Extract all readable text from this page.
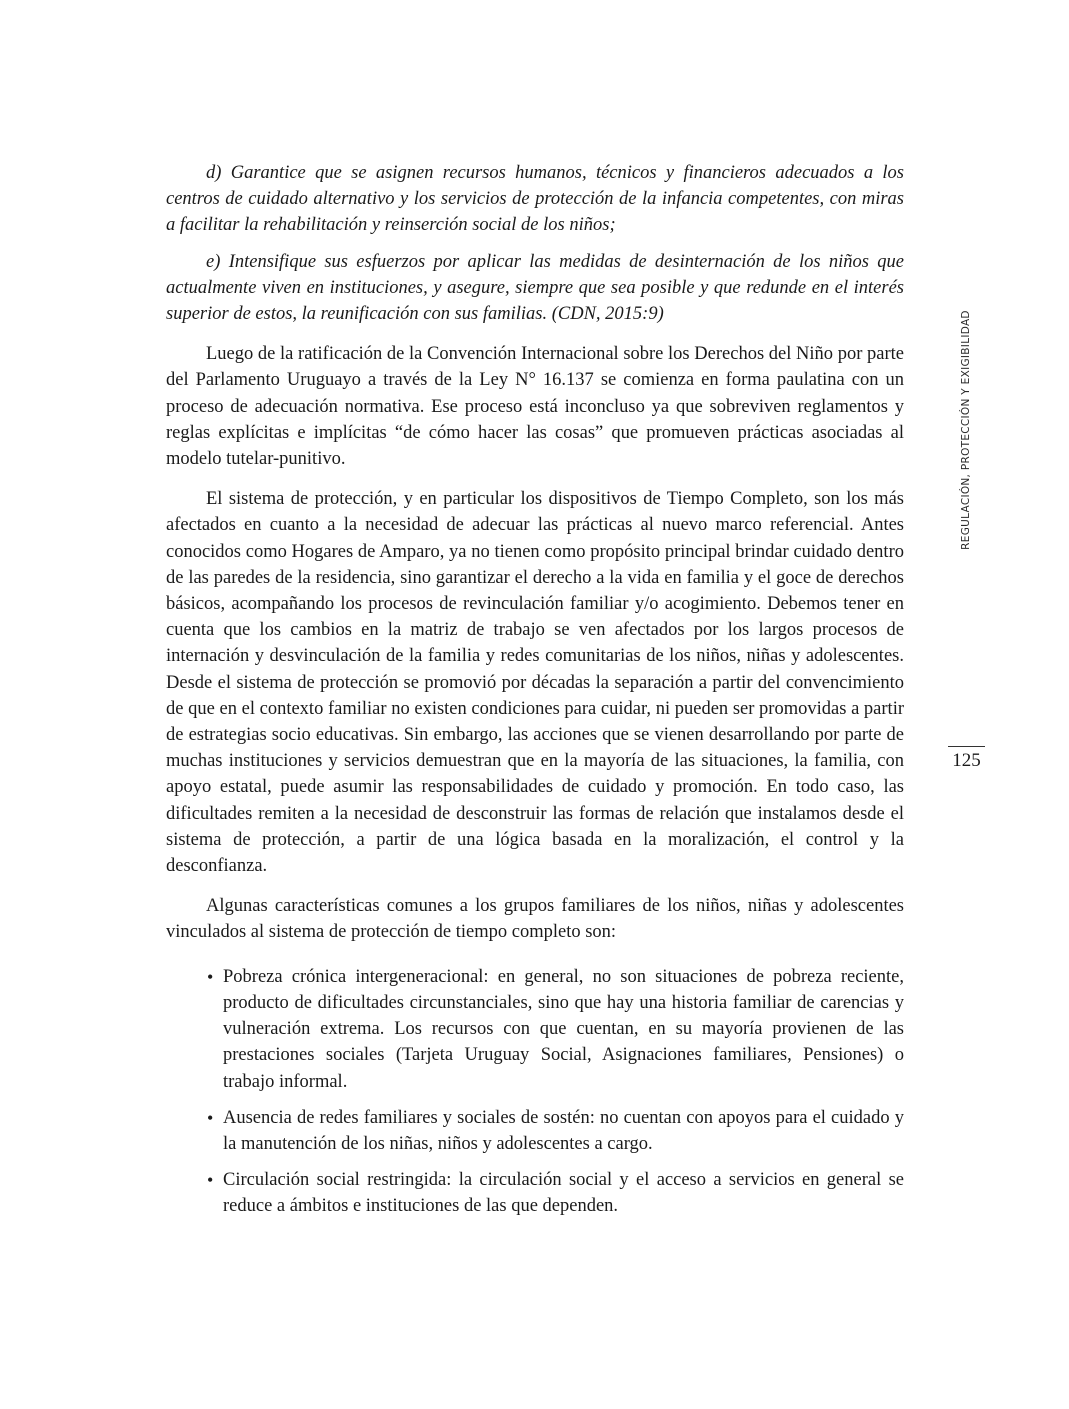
d) Garantice que se asignen recursos humanos, técnicos y financieros adecuados a los centros de cuidado alternativo y los servicios de protección de la infancia competentes, con miras a facilitar la rehabilitación y reinserción social de los niños;

e) Intensifique sus esfuerzos por aplicar las medidas de desinternación de los niños que actualmente viven en instituciones, y asegure, siempre que sea posible y que redunde en el interés superior de estos, la reunificación con sus familias. (CDN, 2015:9)

Luego de la ratificación de la Convención Internacional sobre los Derechos del Niño por parte del Parlamento Uruguayo a través de la Ley N° 16.137 se comienza en forma paulatina con un proceso de adecuación normativa. Ese proceso está inconcluso ya que sobreviven reglamentos y reglas explícitas e implícitas “de cómo hacer las cosas” que promueven prácticas asociadas al modelo tutelar-punitivo.

El sistema de protección, y en particular los dispositivos de Tiempo Completo, son los más afectados en cuanto a la necesidad de adecuar las prácticas al nuevo marco referencial. Antes conocidos como Hogares de Amparo, ya no tienen como propósito principal brindar cuidado dentro de las paredes de la residencia, sino garantizar el derecho a la vida en familia y el goce de derechos básicos, acompañando los procesos de revinculación familiar y/o acogimiento. Debemos tener en cuenta que los cambios en la matriz de trabajo se ven afectados por los largos procesos de internación y desvinculación de la familia y redes comunitarias de los niños, niñas y adolescentes. Desde el sistema de protección se promovió por décadas la separación a partir del convencimiento de que en el contexto familiar no existen condiciones para cuidar, ni pueden ser promovidas a partir de estrategias socio educativas. Sin embargo, las acciones que se vienen desarrollando por parte de muchas instituciones y servicios demuestran que en la mayoría de las situaciones, la familia, con apoyo estatal, puede asumir las responsabilidades de cuidado y promoción. En todo caso, las dificultades remiten a la necesidad de desconstruir las formas de relación que instalamos desde el sistema de protección, a partir de una lógica basada en la moralización, el control y la desconfianza.

Algunas características comunes a los grupos familiares de los niños, niñas y adolescentes vinculados al sistema de protección de tiempo completo son:

• Pobreza crónica intergeneracional: en general, no son situaciones de pobreza reciente, producto de dificultades circunstanciales, sino que hay una historia familiar de carencias y vulneración extrema. Los recursos con que cuentan, en su mayoría provienen de las prestaciones sociales (Tarjeta Uruguay Social, Asignaciones familiares, Pensiones) o trabajo informal.
• Ausencia de redes familiares y sociales de sostén: no cuentan con apoyos para el cuidado y la manutención de los niñas, niños y adolescentes a cargo.
• Circulación social restringida: la circulación social y el acceso a servicios en general se reduce a ámbitos e instituciones de las que dependen.
REGULACIÓN, PROTECCIÓN Y EXIGIBILIDAD
125
